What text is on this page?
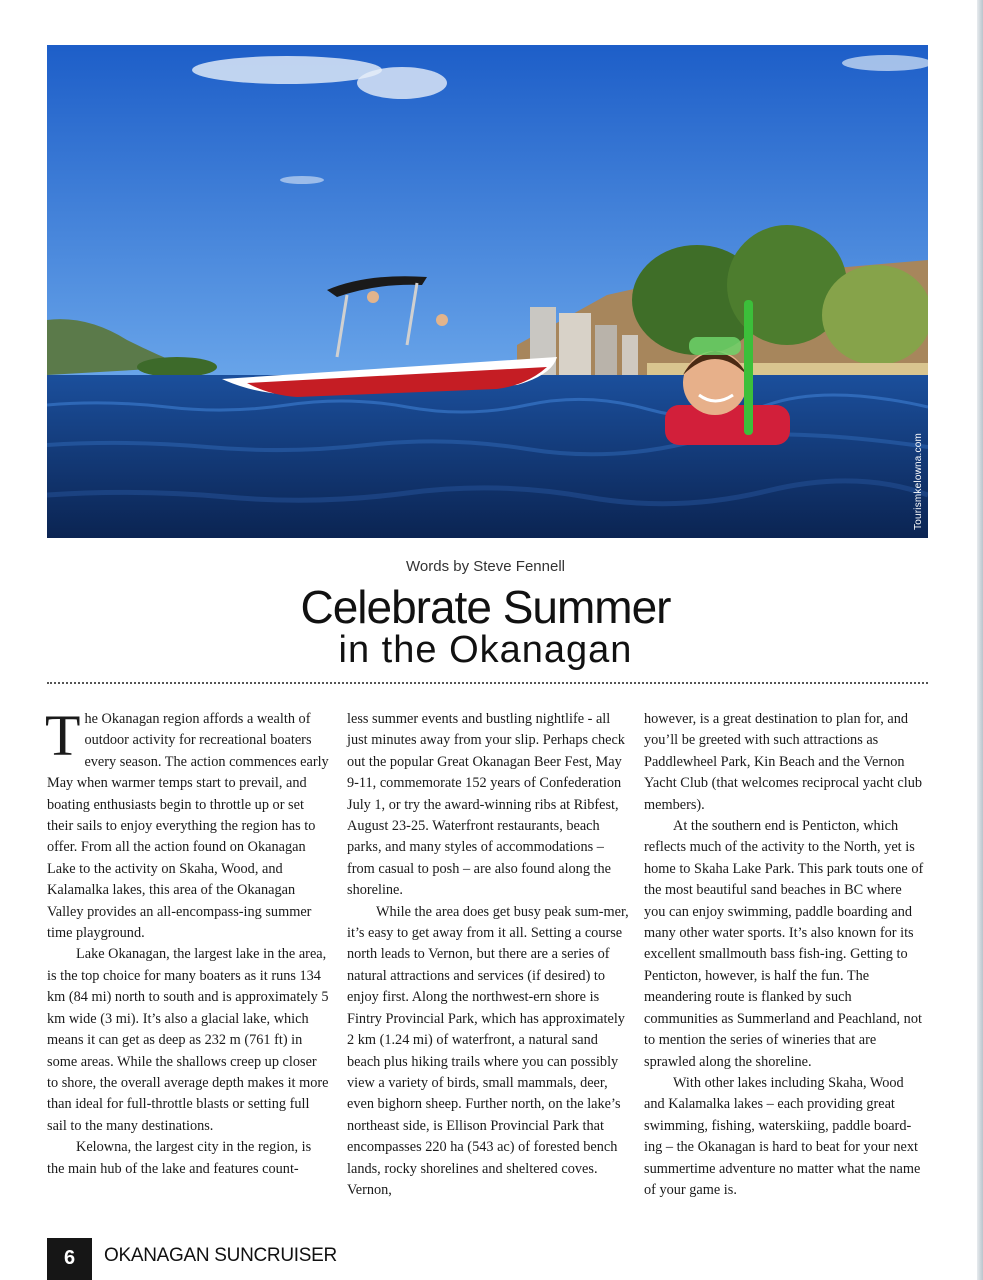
Tourismkelowna.com
Words by Steve Fennell
Celebrate Summer
in the Okanagan

The Okanagan region affords a wealth of outdoor activity for recreational boaters every season. The action commences early May when warmer temps start to prevail, and boating enthusiasts begin to throttle up or set their sails to enjoy everything the region has to offer. From all the action found on Okanagan Lake to the activity on Skaha, Wood, and Kalamalka lakes, this area of the Okanagan Valley provides an all-encompass-ing summer time playground.

Lake Okanagan, the largest lake in the area, is the top choice for many boaters as it runs 134 km (84 mi) north to south and is approximately 5 km wide (3 mi). It’s also a glacial lake, which means it can get as deep as 232 m (761 ft) in some areas. While the shallows creep up closer to shore, the overall average depth makes it more than ideal for full-throttle blasts or setting full sail to the many destinations.

Kelowna, the largest city in the region, is the main hub of the lake and features count-

less summer events and bustling nightlife - all just minutes away from your slip. Perhaps check out the popular Great Okanagan Beer Fest, May 9-11, commemorate 152 years of Confederation July 1, or try the award-winning ribs at Ribfest, August 23-25. Waterfront restaurants, beach parks, and many styles of accommodations – from casual to posh – are also found along the shoreline.

While the area does get busy peak sum-mer, it’s easy to get away from it all. Setting a course north leads to Vernon, but there are a series of natural attractions and services (if desired) to enjoy first. Along the northwest-ern shore is Fintry Provincial Park, which has approximately 2 km (1.24 mi) of waterfront, a natural sand beach plus hiking trails where you can possibly view a variety of birds, small mammals, deer, even bighorn sheep. Further north, on the lake’s northeast side, is Ellison Provincial Park that encompasses 220 ha (543 ac) of forested bench lands, rocky shorelines and sheltered coves. Vernon,

however, is a great destination to plan for, and you’ll be greeted with such attractions as Paddlewheel Park, Kin Beach and the Vernon Yacht Club (that welcomes reciprocal yacht club members).

At the southern end is Penticton, which reflects much of the activity to the North, yet is home to Skaha Lake Park. This park touts one of the most beautiful sand beaches in BC where you can enjoy swimming, paddle boarding and many other water sports. It’s also known for its excellent smallmouth bass fish-ing. Getting to Penticton, however, is half the fun. The meandering route is flanked by such communities as Summerland and Peachland, not to mention the series of wineries that are sprawled along the shoreline.

With other lakes including Skaha, Wood and Kalamalka lakes – each providing great swimming, fishing, waterskiing, paddle board-ing – the Okanagan is hard to beat for your next summertime adventure no matter what the name of your game is.

6	OKANAGAN SUNCRUISER
